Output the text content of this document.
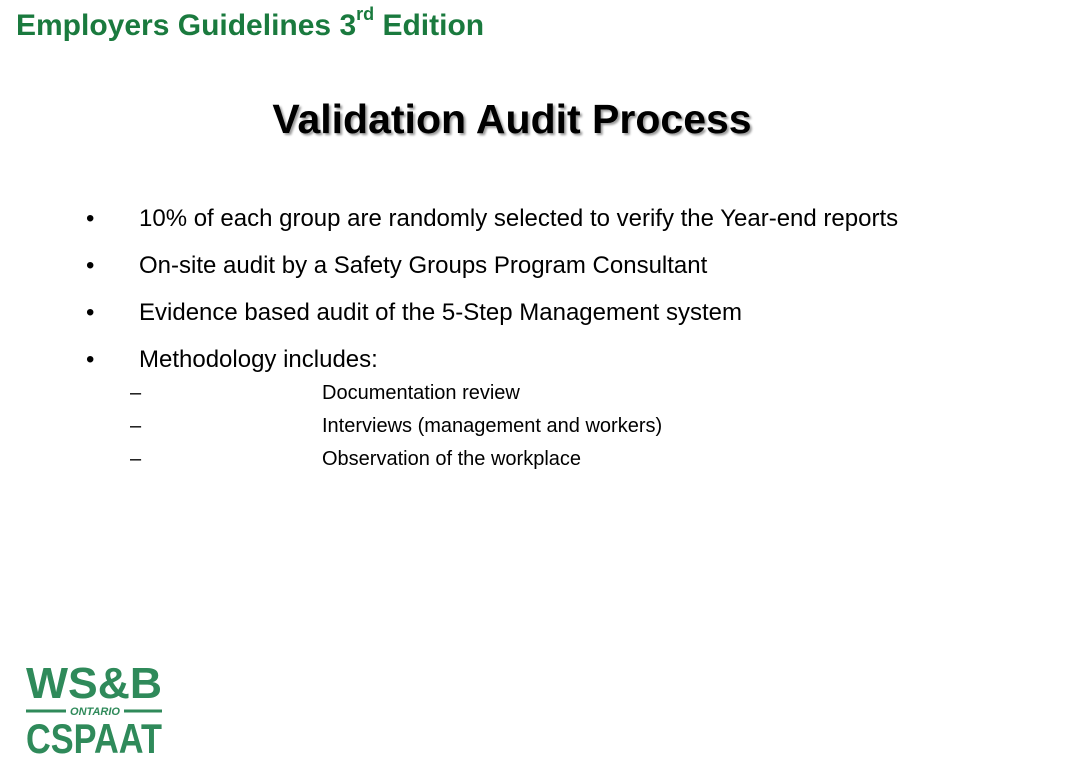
Employers Guidelines 3rd Edition
Validation Audit Process
• 10% of each group are randomly selected to verify the Year-end reports
• On-site audit by a Safety Groups Program Consultant
• Evidence based audit of the 5-Step Management system
• Methodology includes:
–	Documentation review
–	Interviews (management and workers)
–	Observation of the workplace
WS&B
ONTARIO
CSPAAT
